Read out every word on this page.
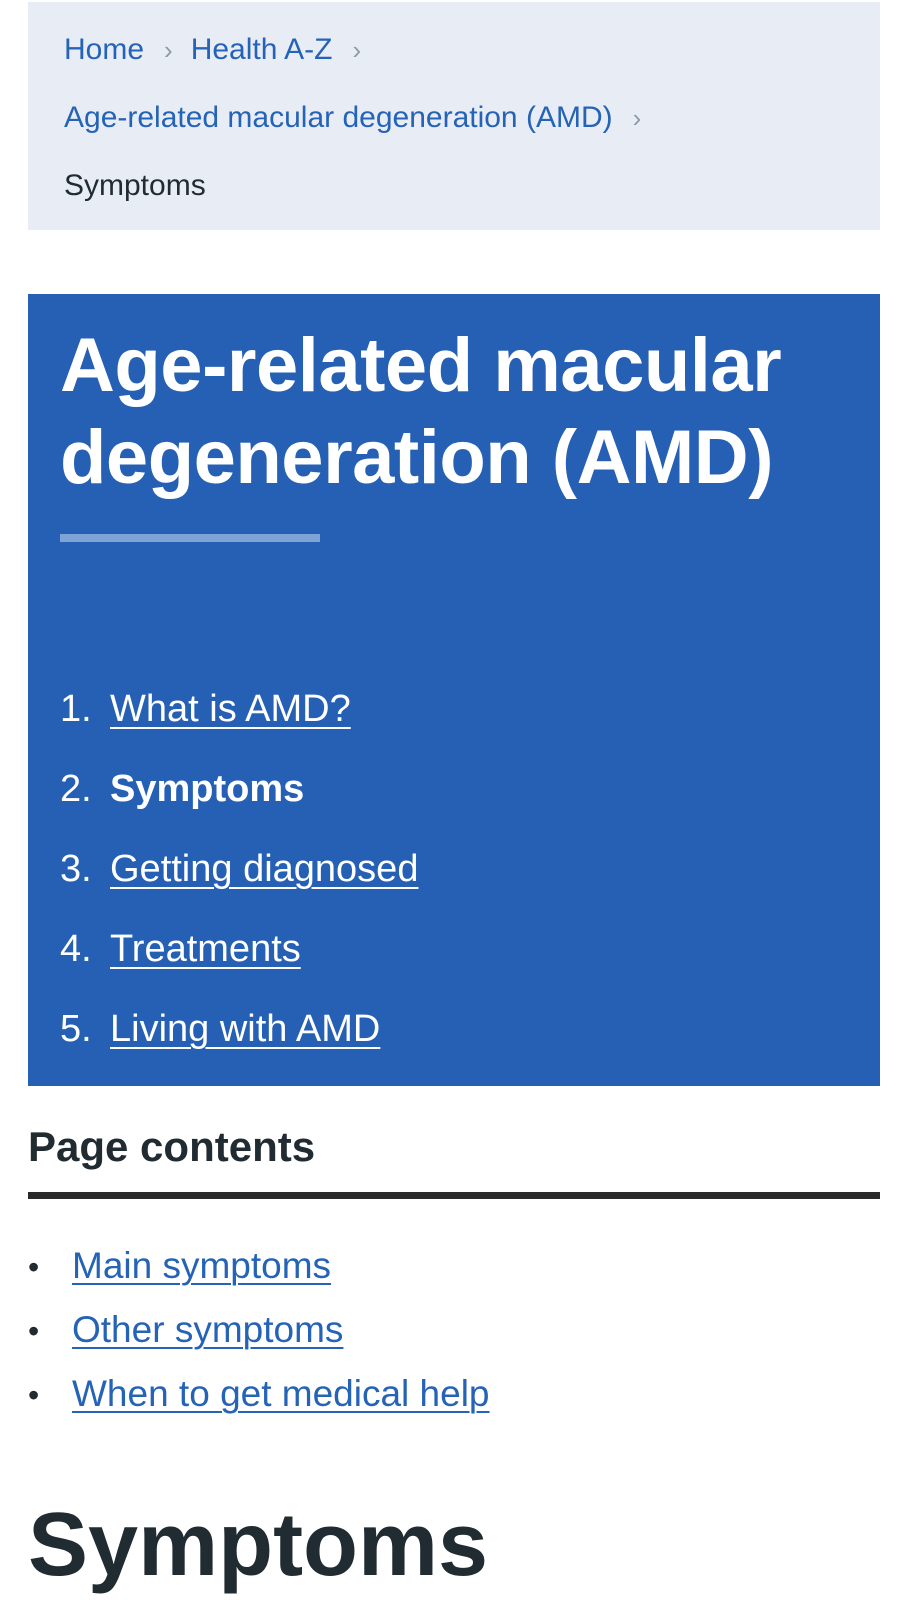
Home › Health A-Z ›
Age-related macular degeneration (AMD) ›
Symptoms
Age-related macular degeneration (AMD)
1. What is AMD?
2. Symptoms
3. Getting diagnosed
4. Treatments
5. Living with AMD
Page contents
• Main symptoms
• Other symptoms
• When to get medical help
Symptoms
